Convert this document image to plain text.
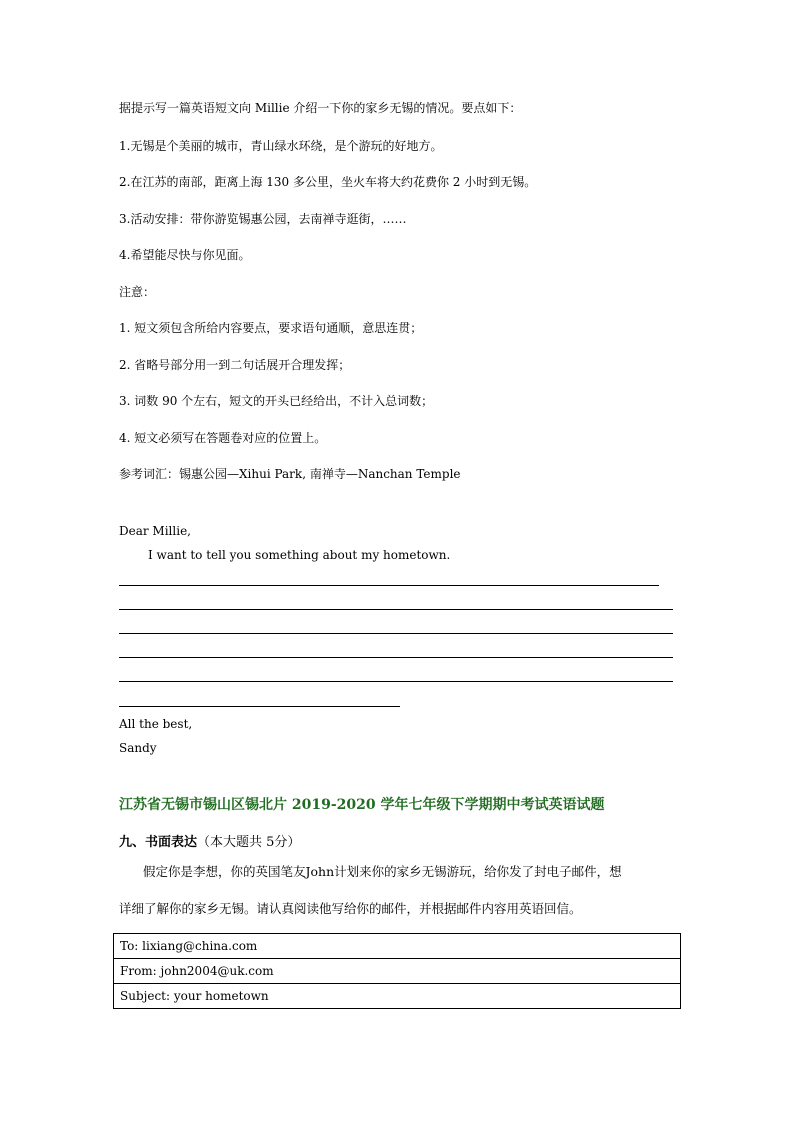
据提示写一篇英语短文向 Millie 介绍一下你的家乡无锡的情况。要点如下：
1.无锡是个美丽的城市，青山绿水环绕，是个游玩的好地方。
2.在江苏的南部，距离上海 130 多公里，坐火车将大约花费你 2 小时到无锡。
3.活动安排：带你游览锡惠公园，去南禅寺逛街，……
4.希望能尽快与你见面。
注意：
1. 短文须包含所给内容要点，要求语句通顺，意思连贯；
2. 省略号部分用一到二句话展开合理发挥；
3. 词数 90 个左右，短文的开头已经给出，不计入总词数；
4. 短文必须写在答题卷对应的位置上。
参考词汇：锡惠公园—Xihui Park, 南禅寺—Nanchan Temple
Dear Millie,
I want to tell you something about my hometown.
All the best,
Sandy
江苏省无锡市锡山区锡北片 2019-2020 学年七年级下学期期中考试英语试题
九、书面表达（本大题共 5分）
假定你是李想，你的英国笔友John计划来你的家乡无锡游玩，给你发了封电子邮件，想
详细了解你的家乡无锡。请认真阅读他写给你的邮件，并根据邮件内容用英语回信。
To: lixiang@china.com
From: john2004@uk.com
Subject: your hometown
